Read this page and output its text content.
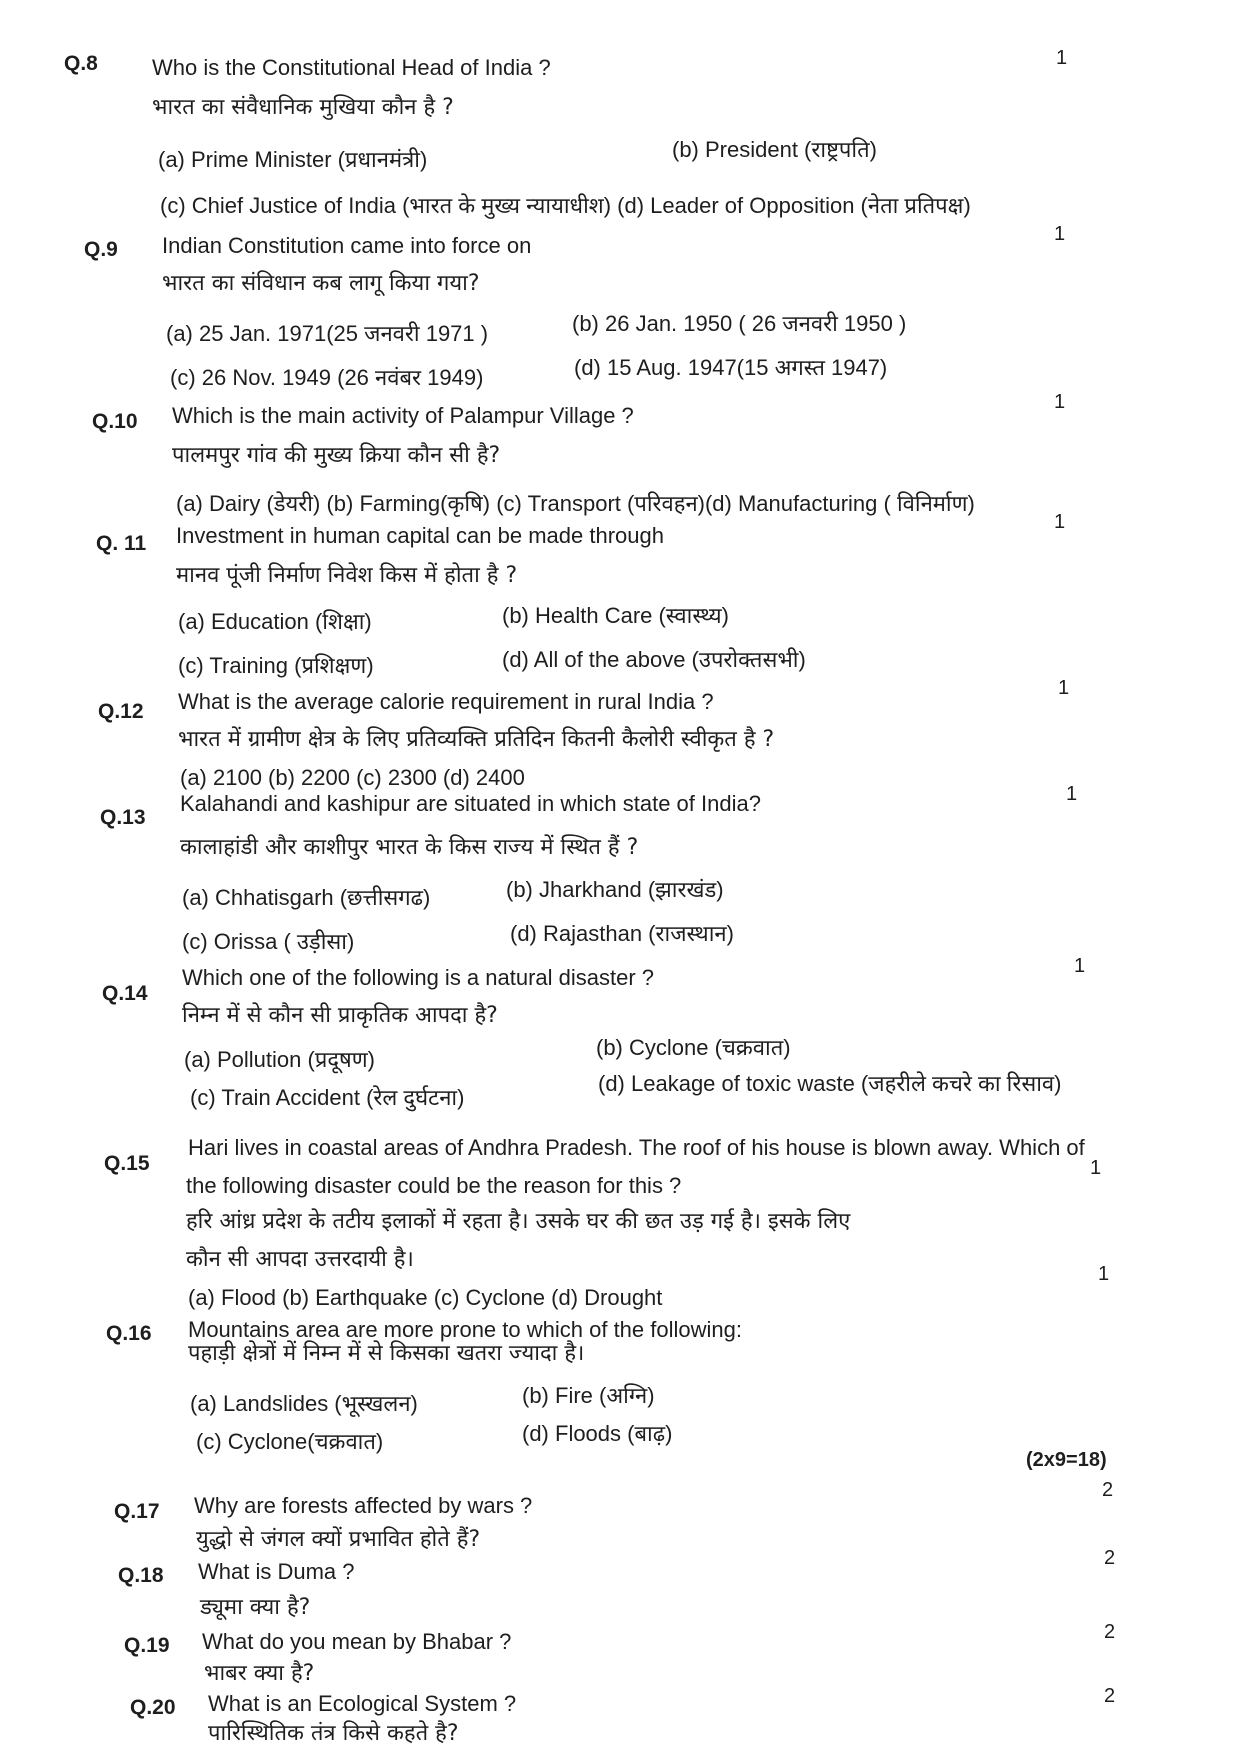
Q.8 Who is the Constitutional Head of India ?	1
भारत का संवैधानिक मुखिया कौन है ?
(a) Prime Minister (प्रधानमंत्री)	(b) President (राष्ट्रपति)
(c) Chief Justice of India (भारत के मुख्य न्यायाधीश) (d) Leader of Opposition (नेता प्रतिपक्ष)
Q.9 Indian Constitution came into force on	1
भारत का संविधान कब लागू किया गया?
(a) 25 Jan. 1971(25 जनवरी 1971 )	(b) 26 Jan. 1950 ( 26 जनवरी 1950 )
(c) 26 Nov. 1949 (26 नवंबर 1949)	(d) 15 Aug. 1947(15 अगस्त 1947)
Q.10 Which is the main activity of Palampur Village ?
1
पालमपुर गांव की मुख्य क्रिया कौन सी है?
(a) Dairy (डेयरी) (b) Farming(कृषि) (c) Transport (परिवहन)(d) Manufacturing ( विनिर्माण)
Q. 11 Investment in human capital can be made through
1
मानव पूंजी निर्माण निवेश किस में होता है ?
(a) Education (शिक्षा)	(b) Health Care (स्वास्थ्य)
(c) Training (प्रशिक्षण)	(d) All of the above (उपरोक्तसभी)
Q.12 What is the average calorie requirement in rural India ?
1
भारत में ग्रामीण क्षेत्र के लिए प्रतिव्यक्ति प्रतिदिन कितनी कैलोरी स्वीकृत है ?
(a) 2100 (b) 2200 (c) 2300 (d) 2400
Q.13
Kalahandi and kashipur are situated in which state of India?	1
कालाहांडी और काशीपुर भारत के किस राज्य में स्थित हैं ?
(a) Chhatisgarh (छत्तीसगढ)	(b) Jharkhand (झारखंड)
(c) Orissa ( उड़ीसा)	(d) Rajasthan (राजस्थान)
Q.14
Which one of the following is a natural disaster ?	1
निम्न में से कौन सी प्राकृतिक आपदा है?
(a) Pollution (प्रदूषण)	(b) Cyclone (चक्रवात)
(c) Train Accident (रेल दुर्घटना)
(d) Leakage of toxic waste (जहरीले कचरे का रिसाव)
Q.15
Hari lives in coastal areas of Andhra Pradesh. The roof of his house is blown away. Which of
the following disaster could be the reason for this ?
1
हरि आंध्र प्रदेश के तटीय इलाकों में रहता है। उसके घर की छत उड़ गई है। इसके लिए
कौन सी आपदा उत्तरदायी है।
(a) Flood (b) Earthquake (c) Cyclone (d) Drought
Q.16
1
Mountains area are more prone to which of the following:
पहाड़ी क्षेत्रों में निम्न में से किसका खतरा ज्यादा है।
(a) Landslides (भूस्खलन)	(b) Fire (अग्नि)
(c) Cyclone(चक्रवात)	(d) Floods (बाढ़)
(2x9=18)
Q.17 Why are forests affected by wars ?
2
युद्धो से जंगल क्यों प्रभावित होते हैं?
Q.18 What is Duma ?
2
ड्यूमा क्या है?
Q.19 What do you mean by Bhabar ?	2
भाबर क्या है?
Q.20 What is an Ecological System ?	2
पारिस्थितिक तंत्र किसे कहते है?
